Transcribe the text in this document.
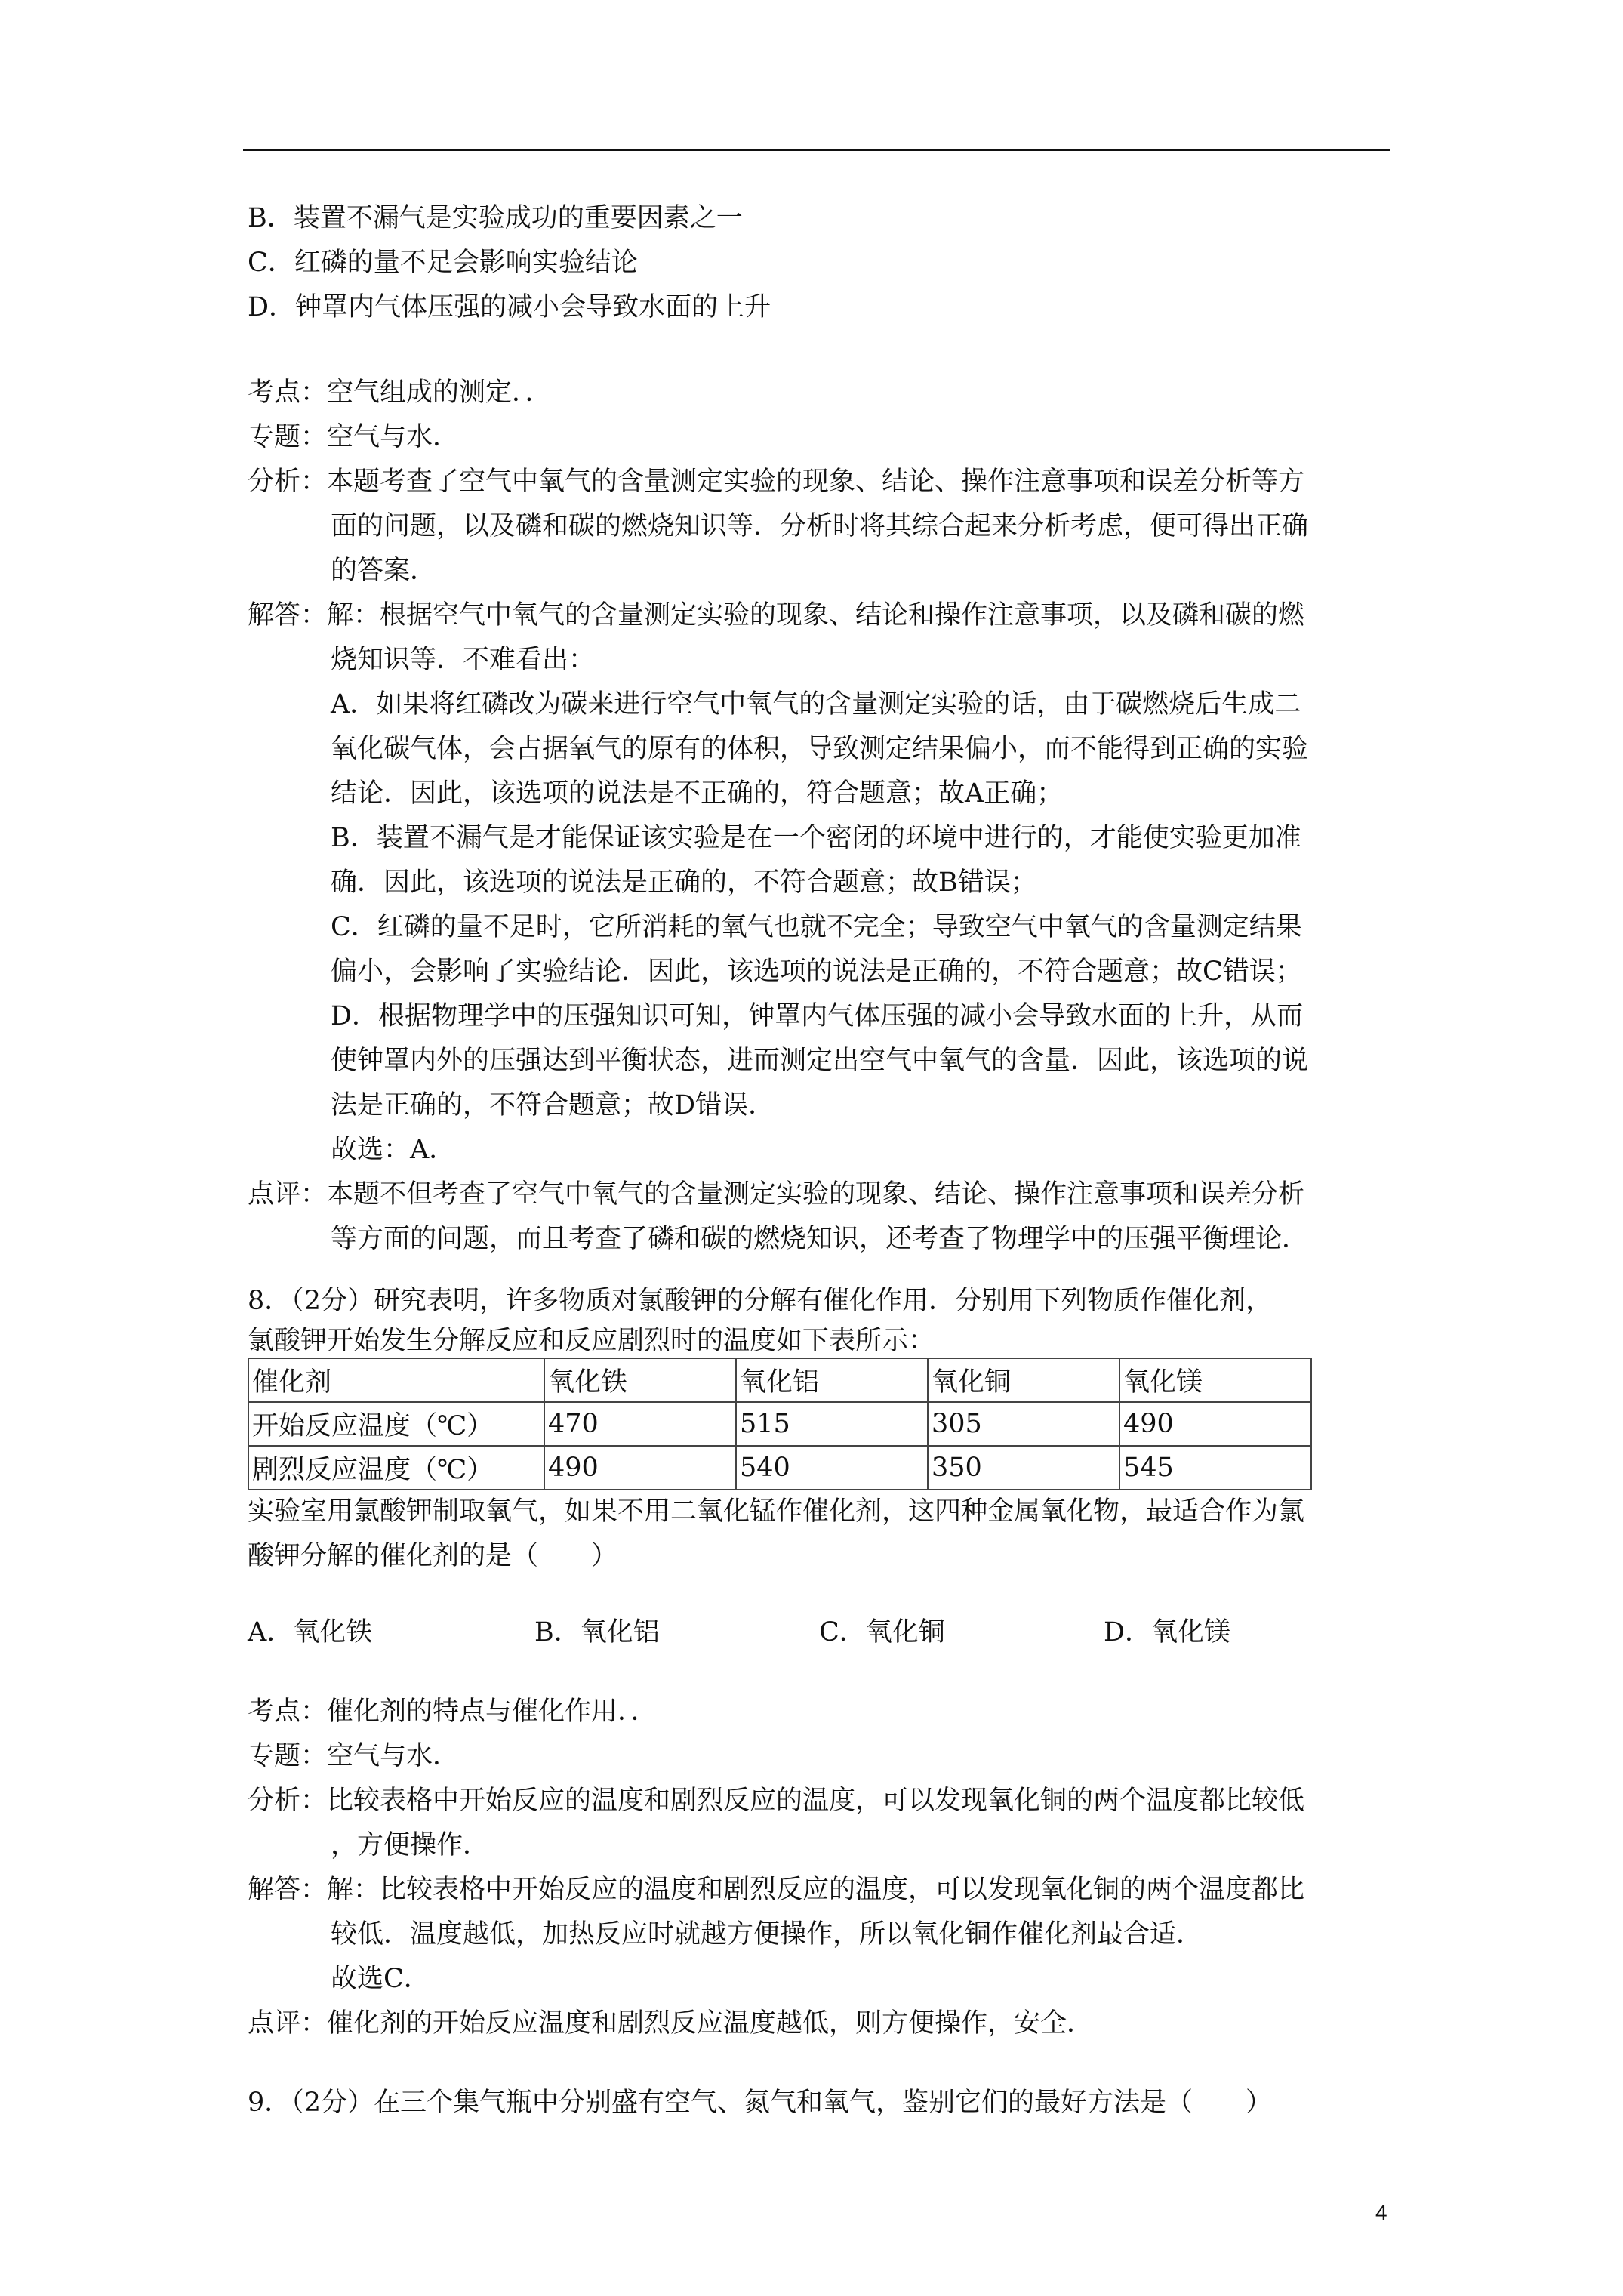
B．装置不漏气是实验成功的重要因素之一
C．红磷的量不足会影响实验结论
D．钟罩内气体压强的减小会导致水面的上升
考点：空气组成的测定．．
专题：空气与水．
分析：本题考查了空气中氧气的含量测定实验的现象、结论、操作注意事项和误差分析等方
面的问题，以及磷和碳的燃烧知识等．分析时将其综合起来分析考虑，便可得出正确
的答案．
解答：解：根据空气中氧气的含量测定实验的现象、结论和操作注意事项，以及磷和碳的燃
烧知识等．不难看出：
A．如果将红磷改为碳来进行空气中氧气的含量测定实验的话，由于碳燃烧后生成二
氧化碳气体，会占据氧气的原有的体积，导致测定结果偏小，而不能得到正确的实验
结论．因此，该选项的说法是不正确的，符合题意；故A正确；
B．装置不漏气是才能保证该实验是在一个密闭的环境中进行的，才能使实验更加准
确．因此，该选项的说法是正确的，不符合题意；故B错误；
C．红磷的量不足时，它所消耗的氧气也就不完全；导致空气中氧气的含量测定结果
偏小，会影响了实验结论．因此，该选项的说法是正确的，不符合题意；故C错误；
D．根据物理学中的压强知识可知，钟罩内气体压强的减小会导致水面的上升，从而
使钟罩内外的压强达到平衡状态，进而测定出空气中氧气的含量．因此，该选项的说
法是正确的，不符合题意；故D错误．
故选：A．
点评：本题不但考查了空气中氧气的含量测定实验的现象、结论、操作注意事项和误差分析
等方面的问题，而且考查了磷和碳的燃烧知识，还考查了物理学中的压强平衡理论．
8．（2分）研究表明，许多物质对氯酸钾的分解有催化作用．分别用下列物质作催化剂，
氯酸钾开始发生分解反应和反应剧烈时的温度如下表所示：
催化剂	氧化铁	氧化铝	氧化铜	氧化镁
开始反应温度（℃）	470	515	305	490
剧烈反应温度（℃）	490	540	350	545
实验室用氯酸钾制取氧气，如果不用二氧化锰作催化剂，这四种金属氧化物，最适合作为氯
酸钾分解的催化剂的是（　　）
A．氧化铁	B．氧化铝	C．氧化铜	D．氧化镁
考点：催化剂的特点与催化作用．．
专题：空气与水．
分析：比较表格中开始反应的温度和剧烈反应的温度，可以发现氧化铜的两个温度都比较低
，方便操作．
解答：解：比较表格中开始反应的温度和剧烈反应的温度，可以发现氧化铜的两个温度都比
较低．温度越低，加热反应时就越方便操作，所以氧化铜作催化剂最合适．
故选C．
点评：催化剂的开始反应温度和剧烈反应温度越低，则方便操作，安全．
9．（2分）在三个集气瓶中分别盛有空气、氮气和氧气，鉴别它们的最好方法是（　　）
4
